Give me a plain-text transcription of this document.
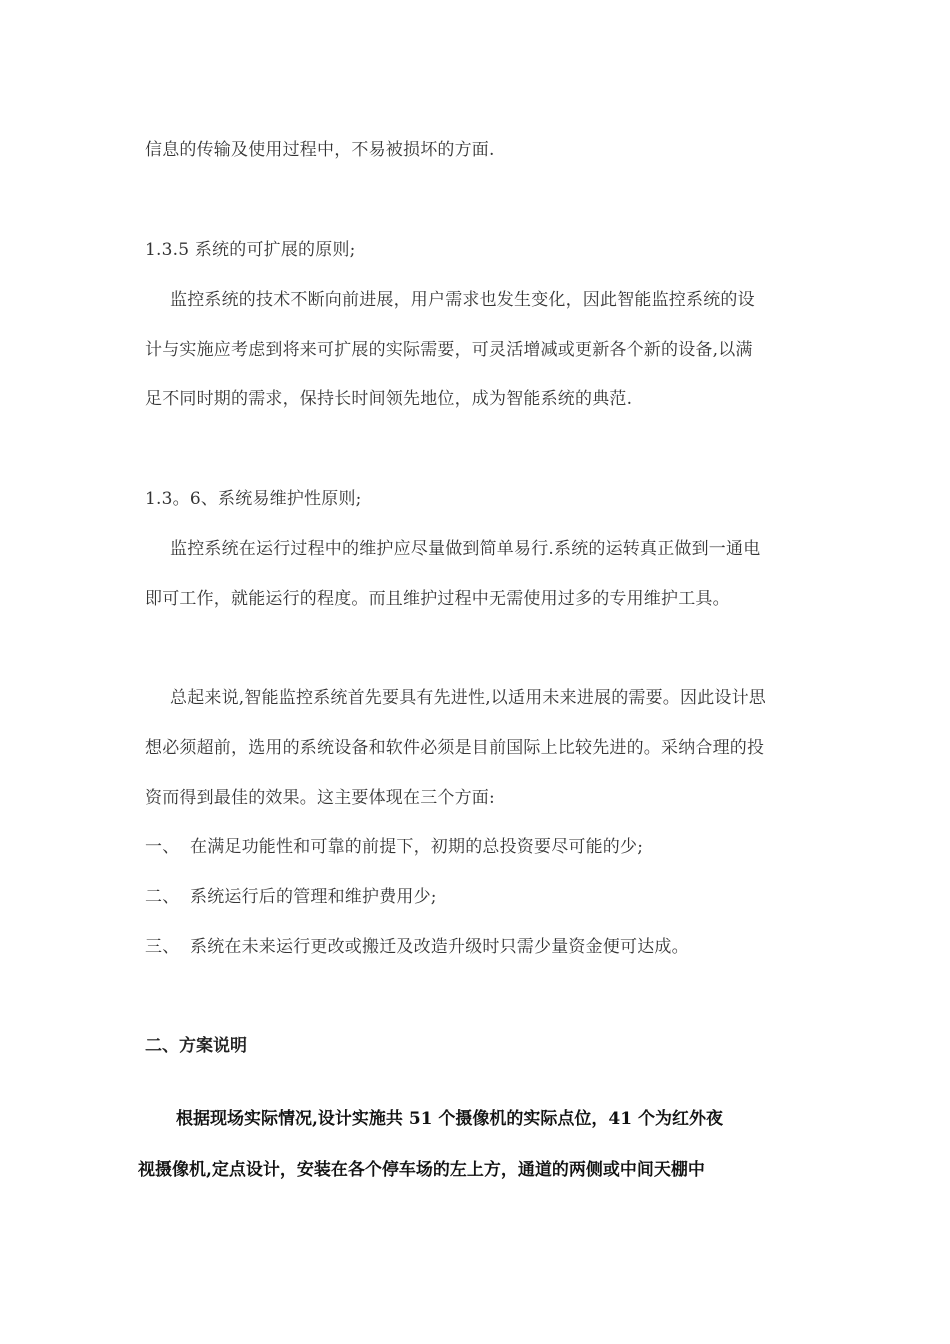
信息的传输及使用过程中，不易被损坏的方面.
1.3.5 系统的可扩展的原则;
监控系统的技术不断向前进展，用户需求也发生变化，因此智能监控系统的设
计与实施应考虑到将来可扩展的实际需要，可灵活增减或更新各个新的设备,以满
足不同时期的需求，保持长时间领先地位，成为智能系统的典范.
1.3。6、系统易维护性原则;
监控系统在运行过程中的维护应尽量做到简单易行.系统的运转真正做到一通电
即可工作，就能运行的程度。而且维护过程中无需使用过多的专用维护工具。
总起来说,智能监控系统首先要具有先进性,以适用未来进展的需要。因此设计思
想必须超前，选用的系统设备和软件必须是目前国际上比较先进的。采纳合理的投
资而得到最佳的效果。这主要体现在三个方面:
一、 在满足功能性和可靠的前提下，初期的总投资要尽可能的少;
二、 系统运行后的管理和维护费用少;
三、 系统在未来运行更改或搬迁及改造升级时只需少量资金便可达成。
二、方案说明
根据现场实际情况,设计实施共 51 个摄像机的实际点位，41 个为红外夜
视摄像机,定点设计，安装在各个停车场的左上方，通道的两侧或中间天棚中
